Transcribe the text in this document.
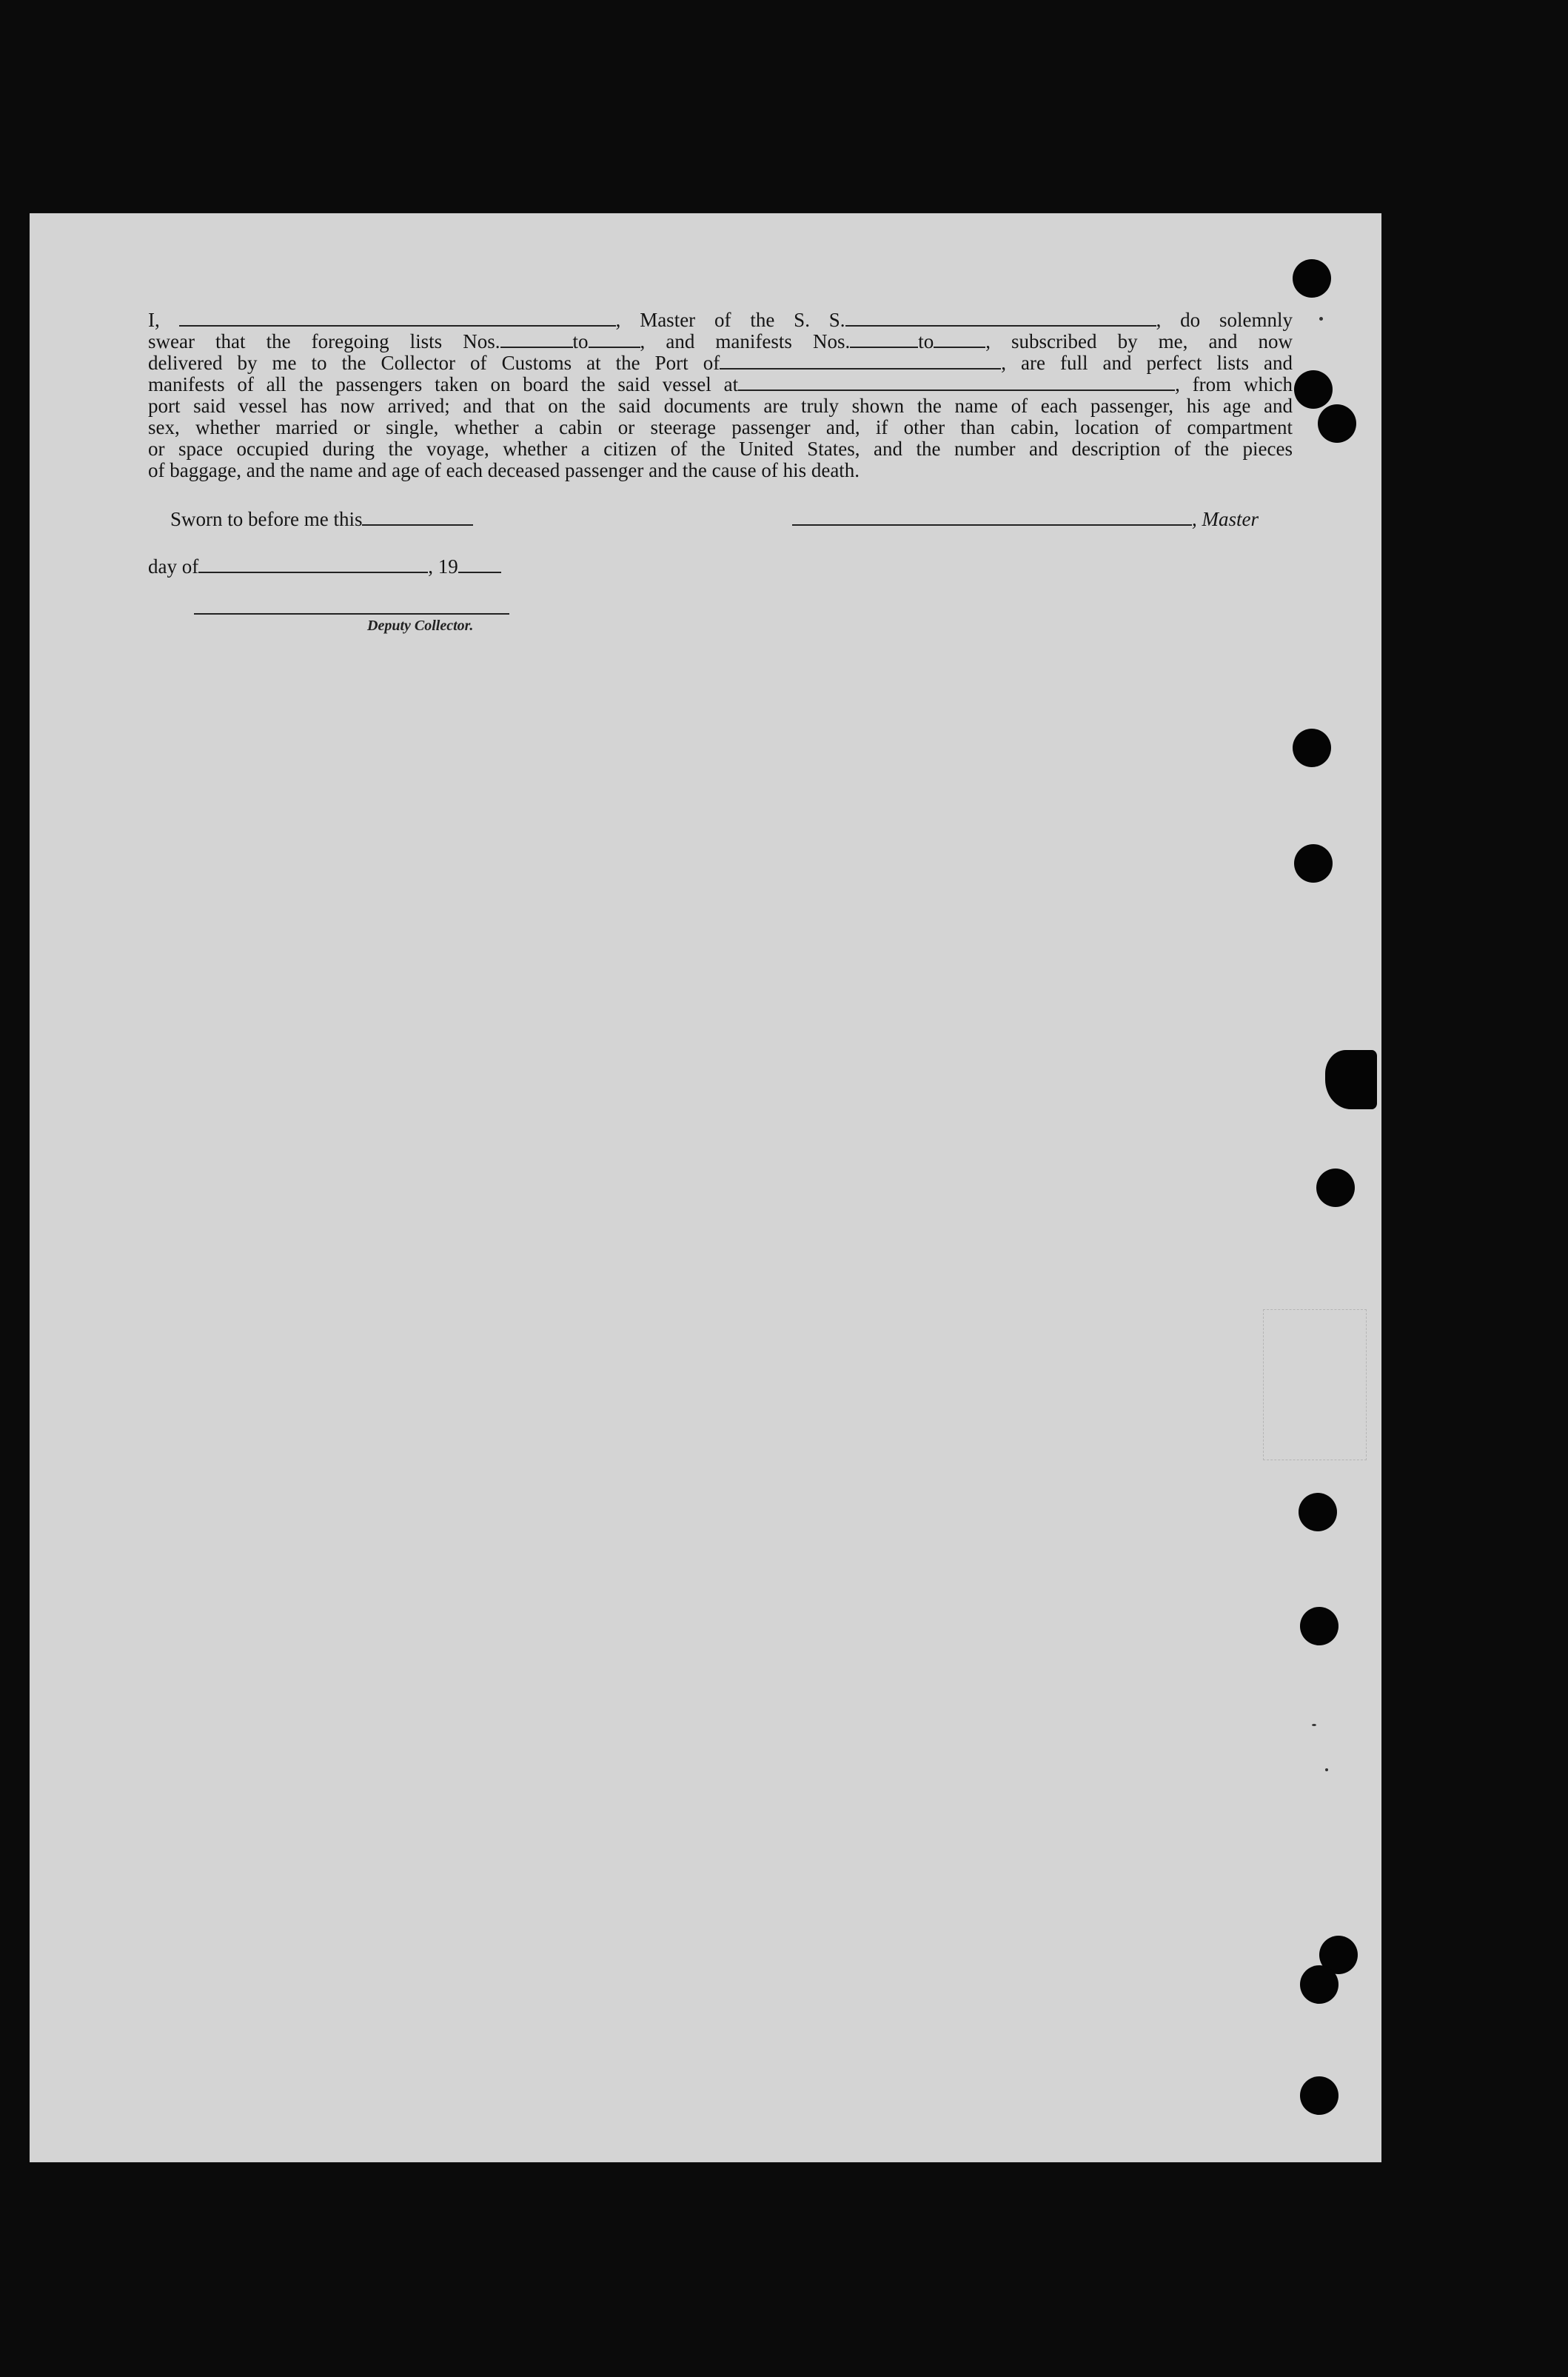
I,	, Master of the S. S.	, do solemnly

swear that the foregoing lists Nos.	to	, and manifests Nos.	to	, subscribed by me, and now

delivered by me to the Collector of Customs at the Port of	, are full and perfect lists and

manifests of all the passengers taken on board the said vessel at	, from which

port said vessel has now arrived; and that on the said documents are truly shown the name of each passenger, his age and

sex, whether married or single, whether a cabin or steerage passenger and, if other than cabin, location of compartment

or space occupied during the voyage, whether a citizen of the United States, and the number and description of the pieces

of baggage, and the name and age of each deceased passenger and the cause of his death.

Sworn to before me this	, Master
day of	, 19
Deputy Collector.
